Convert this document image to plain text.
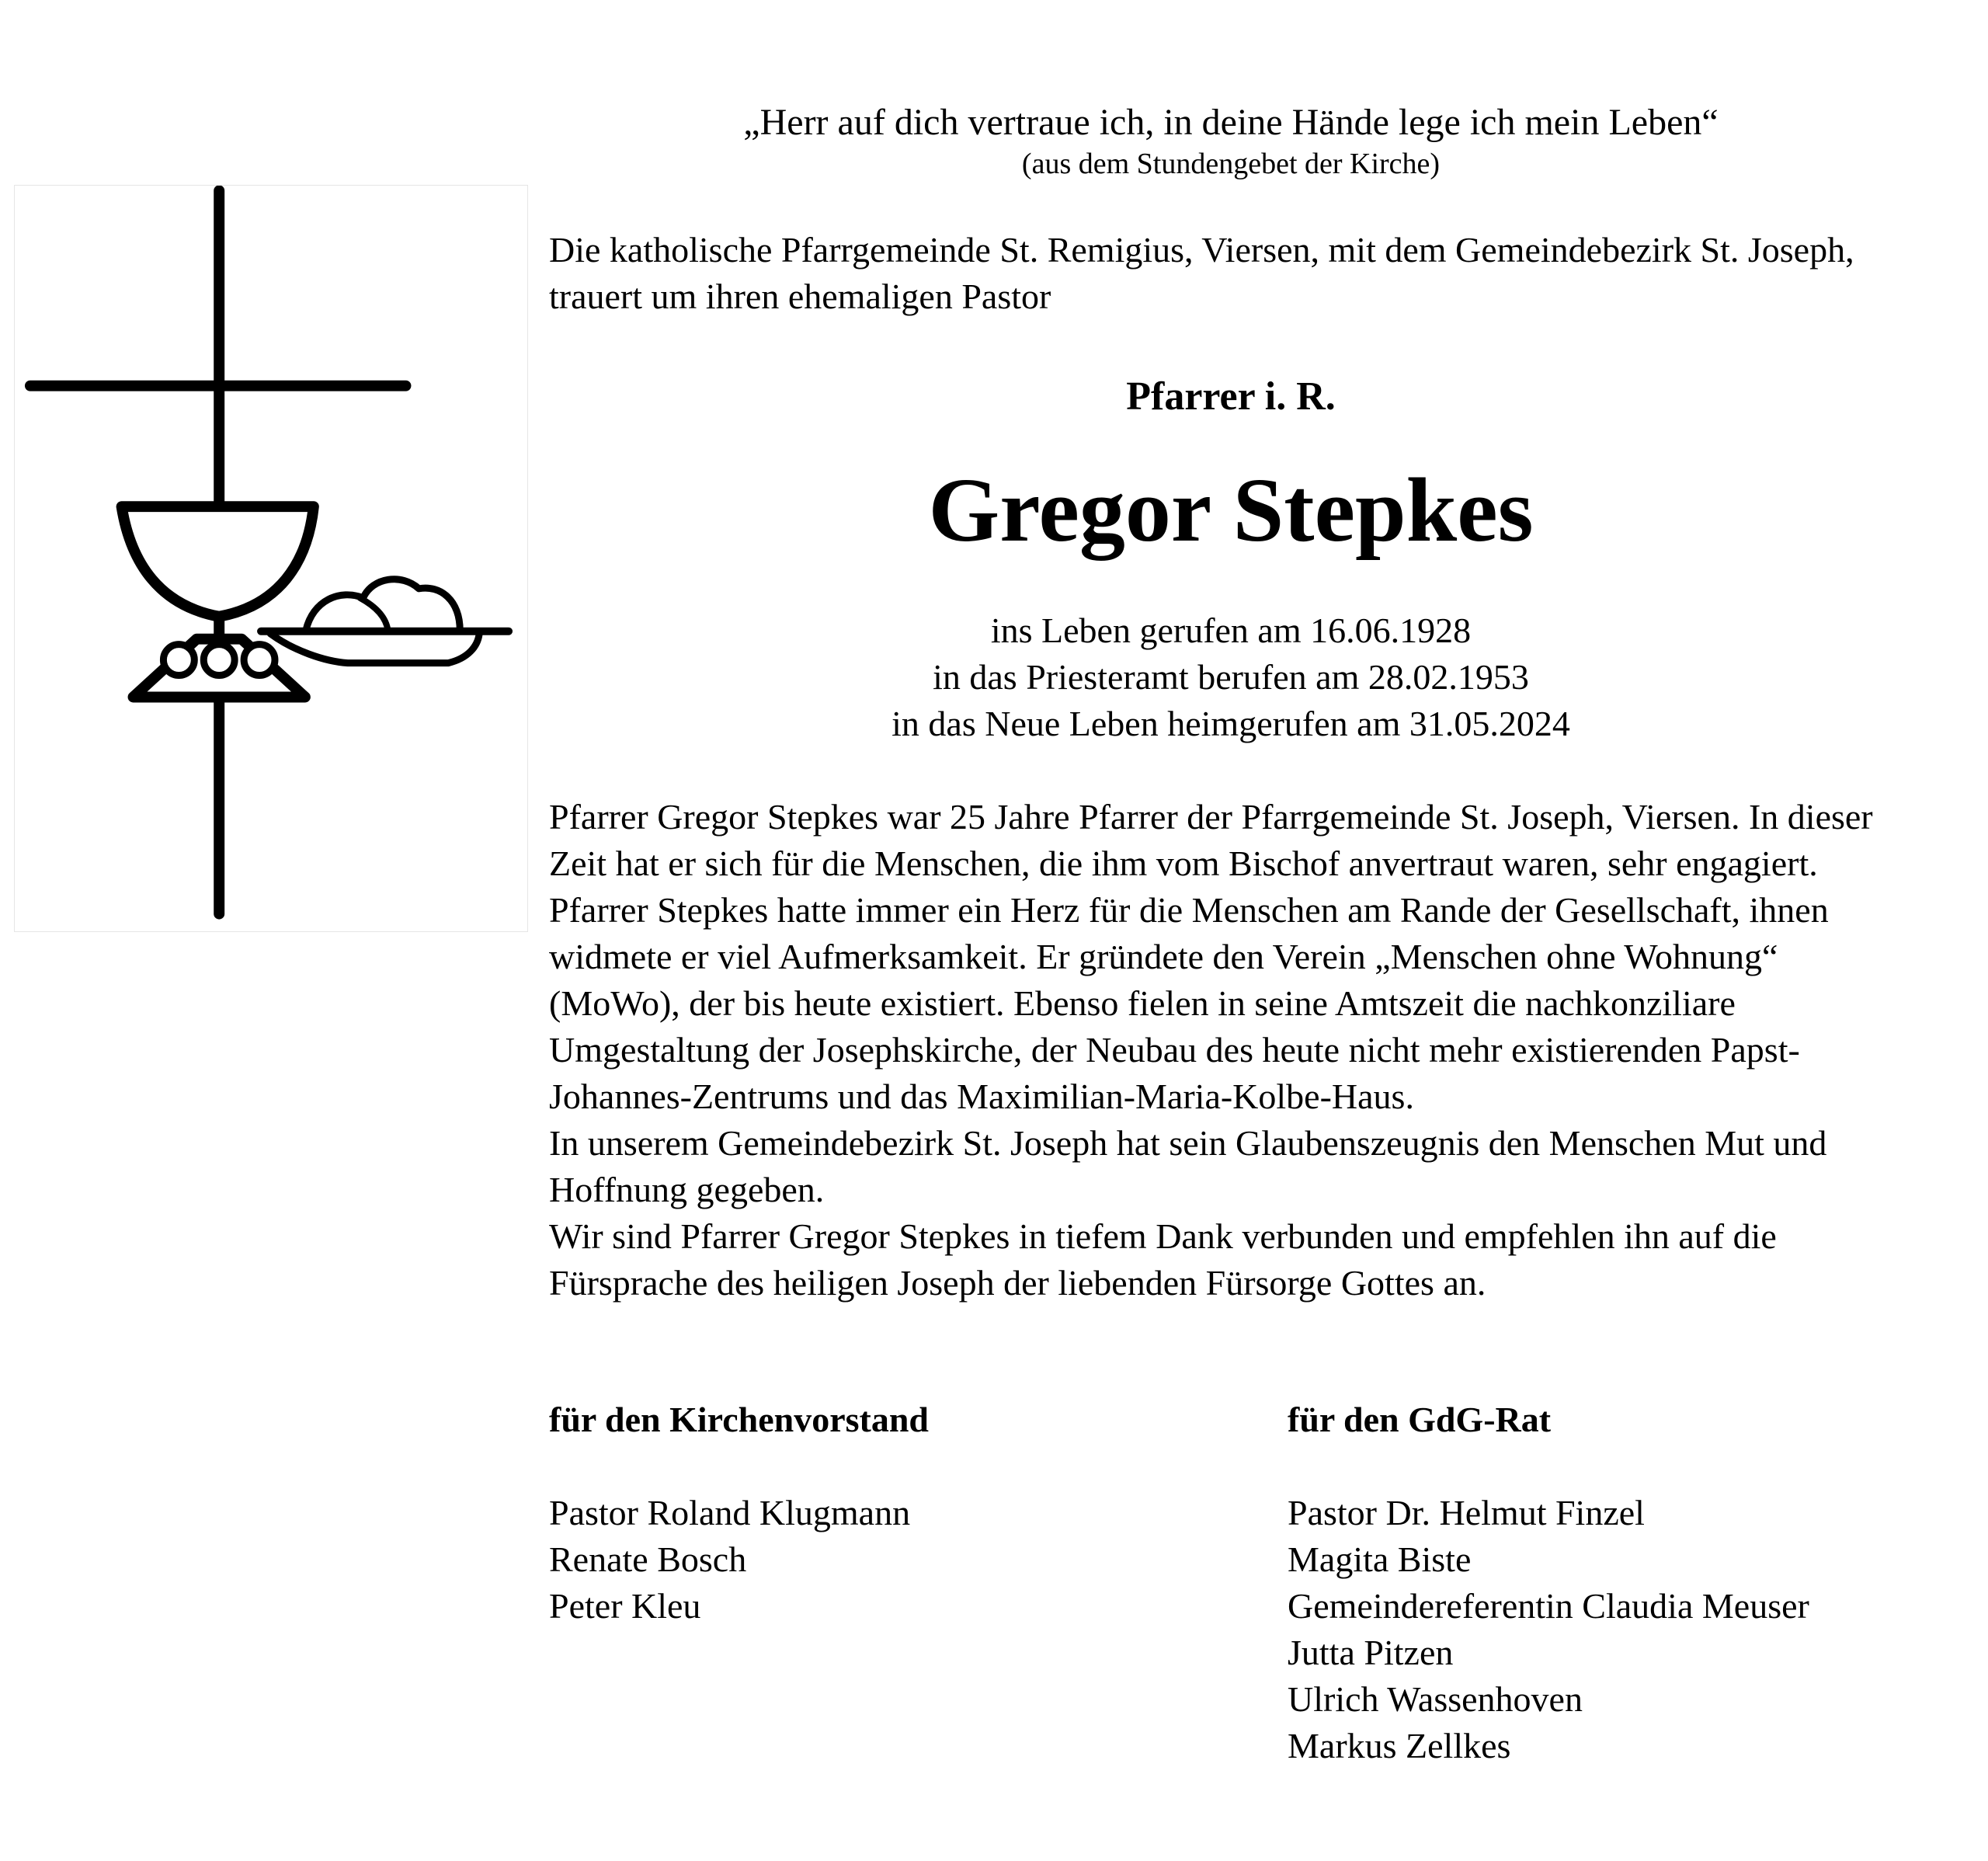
„Herr auf dich vertraue ich, in deine Hände lege ich mein Leben“
(aus dem Stundengebet der Kirche)

Die katholische Pfarrgemeinde St. Remigius, Viersen, mit dem Gemeindebezirk St. Joseph, trauert um ihren ehemaligen Pastor

Pfarrer i. R.
Gregor Stepkes
ins Leben gerufen am 16.06.1928
in das Priesteramt berufen am 28.02.1953
in das Neue Leben heimgerufen am 31.05.2024

Pfarrer Gregor Stepkes war 25 Jahre Pfarrer der Pfarrgemeinde St. Joseph, Viersen. In dieser Zeit hat er sich für die Menschen, die ihm vom Bischof anvertraut waren, sehr engagiert. Pfarrer Stepkes hatte immer ein Herz für die Menschen am Rande der Gesellschaft, ihnen widmete er viel Aufmerksamkeit. Er gründete den Verein „Menschen ohne Wohnung“ (MoWo), der bis heute existiert. Ebenso fielen in seine Amtszeit die nachkonziliare Umgestaltung der Josephskirche, der Neubau des heute nicht mehr existierenden Papst-Johannes-Zentrums und das Maximilian-Maria-Kolbe-Haus.

In unserem Gemeindebezirk St. Joseph hat sein Glaubenszeugnis den Menschen Mut und Hoffnung gegeben.

Wir sind Pfarrer Gregor Stepkes in tiefem Dank verbunden und empfehlen ihn auf die Fürsprache des heiligen Joseph der liebenden Fürsorge Gottes an.

für den Kirchenvorstand
Pastor Roland Klugmann
Renate Bosch
Peter Kleu
für den GdG-Rat
Pastor Dr. Helmut Finzel
Magita Biste
Gemeindereferentin Claudia Meuser
Jutta Pitzen
Ulrich Wassenhoven
Markus Zellkes
